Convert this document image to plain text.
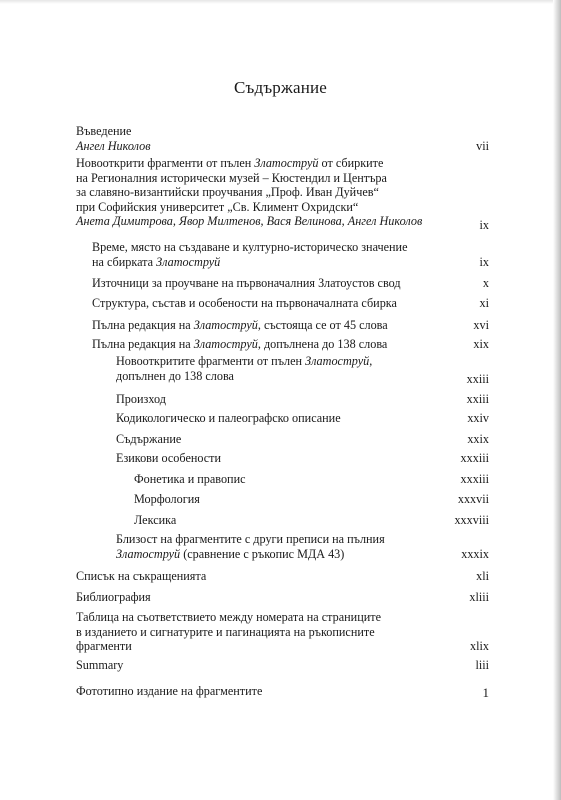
Съдържание
Въведение
Ангел Николов	vii
Новооткрити фрагменти от пълен Златоструй от сбирките
на Регионалния исторически музей – Кюстендил и Центъра
за славяно-византийски проучвания „Проф. Иван Дуйчев“
при Софийския университет „Св. Климент Охридски“
Анета Димитрова, Явор Милтенов, Вася Велинова, Ангел Николов	ix
Време, място на създаване и културно-историческо значение
на сбирката Златоструй	ix
Източници за проучване на първоначалния Златоустов свод	x
Структура, състав и особености на първоначалната сбирка	xi
Пълна редакция на Златоструй, състояща се от 45 слова	xvi
Пълна редакция на Златоструй, допълнена до 138 слова	xix
Новооткритите фрагменти от пълен Златоструй,
допълнен до 138 слова	xxiii
Произход	xxiii
Кодикологическо и палеографско описание	xxiv
Съдържание	xxix
Езикови особености	xxxiii
Фонетика и правопис	xxxiii
Морфология	xxxvii
Лексика	xxxviii
Близост на фрагментите с други преписи на пълния
Златоструй (сравнение с ръкопис МДА 43)	xxxix
Списък на съкращенията	xli
Библиография	xliii
Таблица на съответствието между номерата на страниците
в изданието и сигнатурите и пагинацията на ръкописните
фрагменти	xlix
Summary	liii
Фототипно издание на фрагментите	1
